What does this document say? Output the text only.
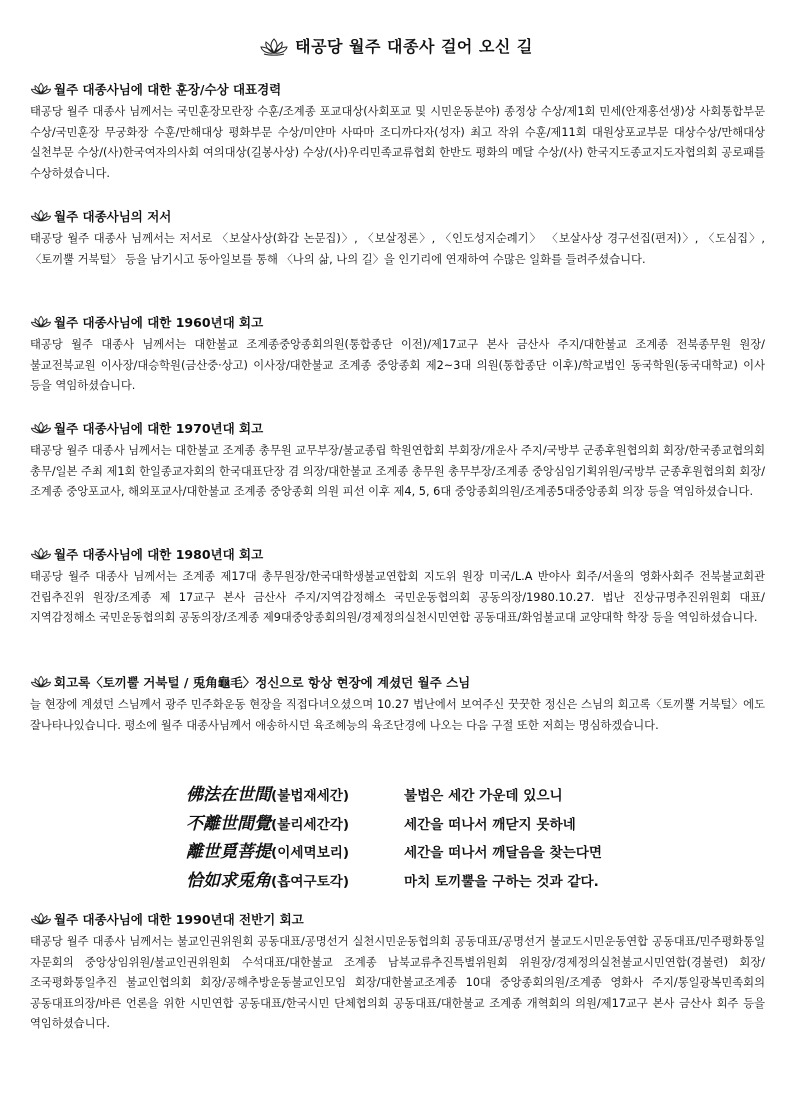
태공당 월주 대종사 걸어 오신 길
월주 대종사님에 대한 훈장/수상 대표경력
태공당 월주 대종사 님께서는 국민훈장모란장 수훈/조계종 포교대상(사회포교 및 시민운동분야) 종정상 수상/제1회 민세(안재홍선생)상 사회통합부문 수상/국민훈장 무궁화장 수훈/만해대상 평화부문 수상/미얀마 사따마 조디까다자(성자) 최고 작위 수훈/제11회 대원상포교부문 대상수상/만해대상 실천부문 수상/(사)한국여자의사회 여의대상(길봉사상) 수상/(사)우리민족교류협회 한반도 평화의 메달 수상/(사) 한국지도종교지도자협의회 공로패를 수상하셨습니다.
월주 대종사님의 저서
태공당 월주 대종사 님께서는 저서로 〈보살사상(화갑 논문집)〉, 〈보살정론〉, 〈인도성지순례기〉 〈보살사상 경구선집(편저)〉, 〈도심집〉, 〈토끼뿔 거북털〉 등을 남기시고 동아일보를 통해 〈나의 삶, 나의 길〉을 인기리에 연재하여 수많은 일화를 들려주셨습니다.
월주 대종사님에 대한 1960년대 회고
태공당 월주 대종사 님께서는 대한불교 조계종중앙종회의원(통합종단 이전)/제17교구 본사 금산사 주지/대한불교 조계종 전북종무원 원장/불교전북교원 이사장/대승학원(금산중·상고) 이사장/대한불교 조계종 중앙종회 제2~3대 의원(통합종단 이후)/학교법인 동국학원(동국대학교) 이사 등을 역임하셨습니다.
월주 대종사님에 대한 1970년대 회고
태공당 월주 대종사 님께서는 대한불교 조계종 총무원 교무부장/불교종립 학원연합회 부회장/개운사 주지/국방부 군종후원협의회 회장/한국종교협의회 총무/일본 주최 제1회 한일종교자회의 한국대표단장 겸 의장/대한불교 조계종 총무원 총무부장/조계종 중앙심임기획위원/국방부 군종후원협의회 회장/조계종 중앙포교사, 해외포교사/대한불교 조계종 중앙종회 의원 피선 이후 제4, 5, 6대 중앙종회의원/조계종5대중앙종회 의장 등을 역임하셨습니다.
월주 대종사님에 대한 1980년대 회고
태공당 월주 대종사 님께서는 조계종 제17대 총무원장/한국대학생불교연합회 지도위 원장 미국/L.A 반야사 회주/서울의 영화사회주 전북불교회관 건립추진위 원장/조계종 제 17교구 본사 금산사 주지/지역감정해소 국민운동협의회 공동의장/1980.10.27. 법난 진상규명추진위원회 대표/지역감정해소 국민운동협의회 공동의장/조계종 제9대중앙종회의원/경제정의실천시민연합 공동대표/화엄불교대 교양대학 학장 등을 역임하셨습니다.
회고록〈토끼뿔 거북털 / 兎角龜毛〉정신으로 항상 현장에 계셨던 월주 스님
늘 현장에 계셨던 스님께서 광주 민주화운동 현장을 직접다녀오셨으며 10.27 법난에서 보여주신 꿋꿋한 정신은 스님의 회고록〈토끼뿔 거북털〉에도 잘나타나있습니다. 평소에 월주 대종사님께서 애송하시던 육조혜능의 육조단경에 나오는 다음 구절 또한 저희는 명심하겠습니다.
佛法在世間(불법재세간)	불법은 세간 가운데 있으니
不離世間覺(불리세간각)	세간을 떠나서 깨닫지 못하네
離世覓菩提(이세멱보리)	세간을 떠나서 깨달음을 찾는다면
恰如求兎角(흡여구토각)	마치 토끼뿔을 구하는 것과 같다.
월주 대종사님에 대한 1990년대 전반기 회고
태공당 월주 대종사 님께서는 불교인권위원회 공동대표/공명선거 실천시민운동협의회 공동대표/공명선거 불교도시민운동연합 공동대표/민주평화통일 자문회의 중앙상임위원/불교인권위원회 수석대표/대한불교 조계종 남북교류추진특별위원회 위원장/경제정의실천불교시민연합(경불련) 회장/조국평화통일추진 불교인협의회 회장/공해추방운동불교인모임 회장/대한불교조계종 10대 중앙종회의원/조계종 영화사 주지/통일광복민족회의 공동대표의장/바른 언론을 위한 시민연합 공동대표/한국시민 단체협의회 공동대표/대한불교 조계종 개혁회의 의원/제17교구 본사 금산사 회주 등을 역임하셨습니다.
